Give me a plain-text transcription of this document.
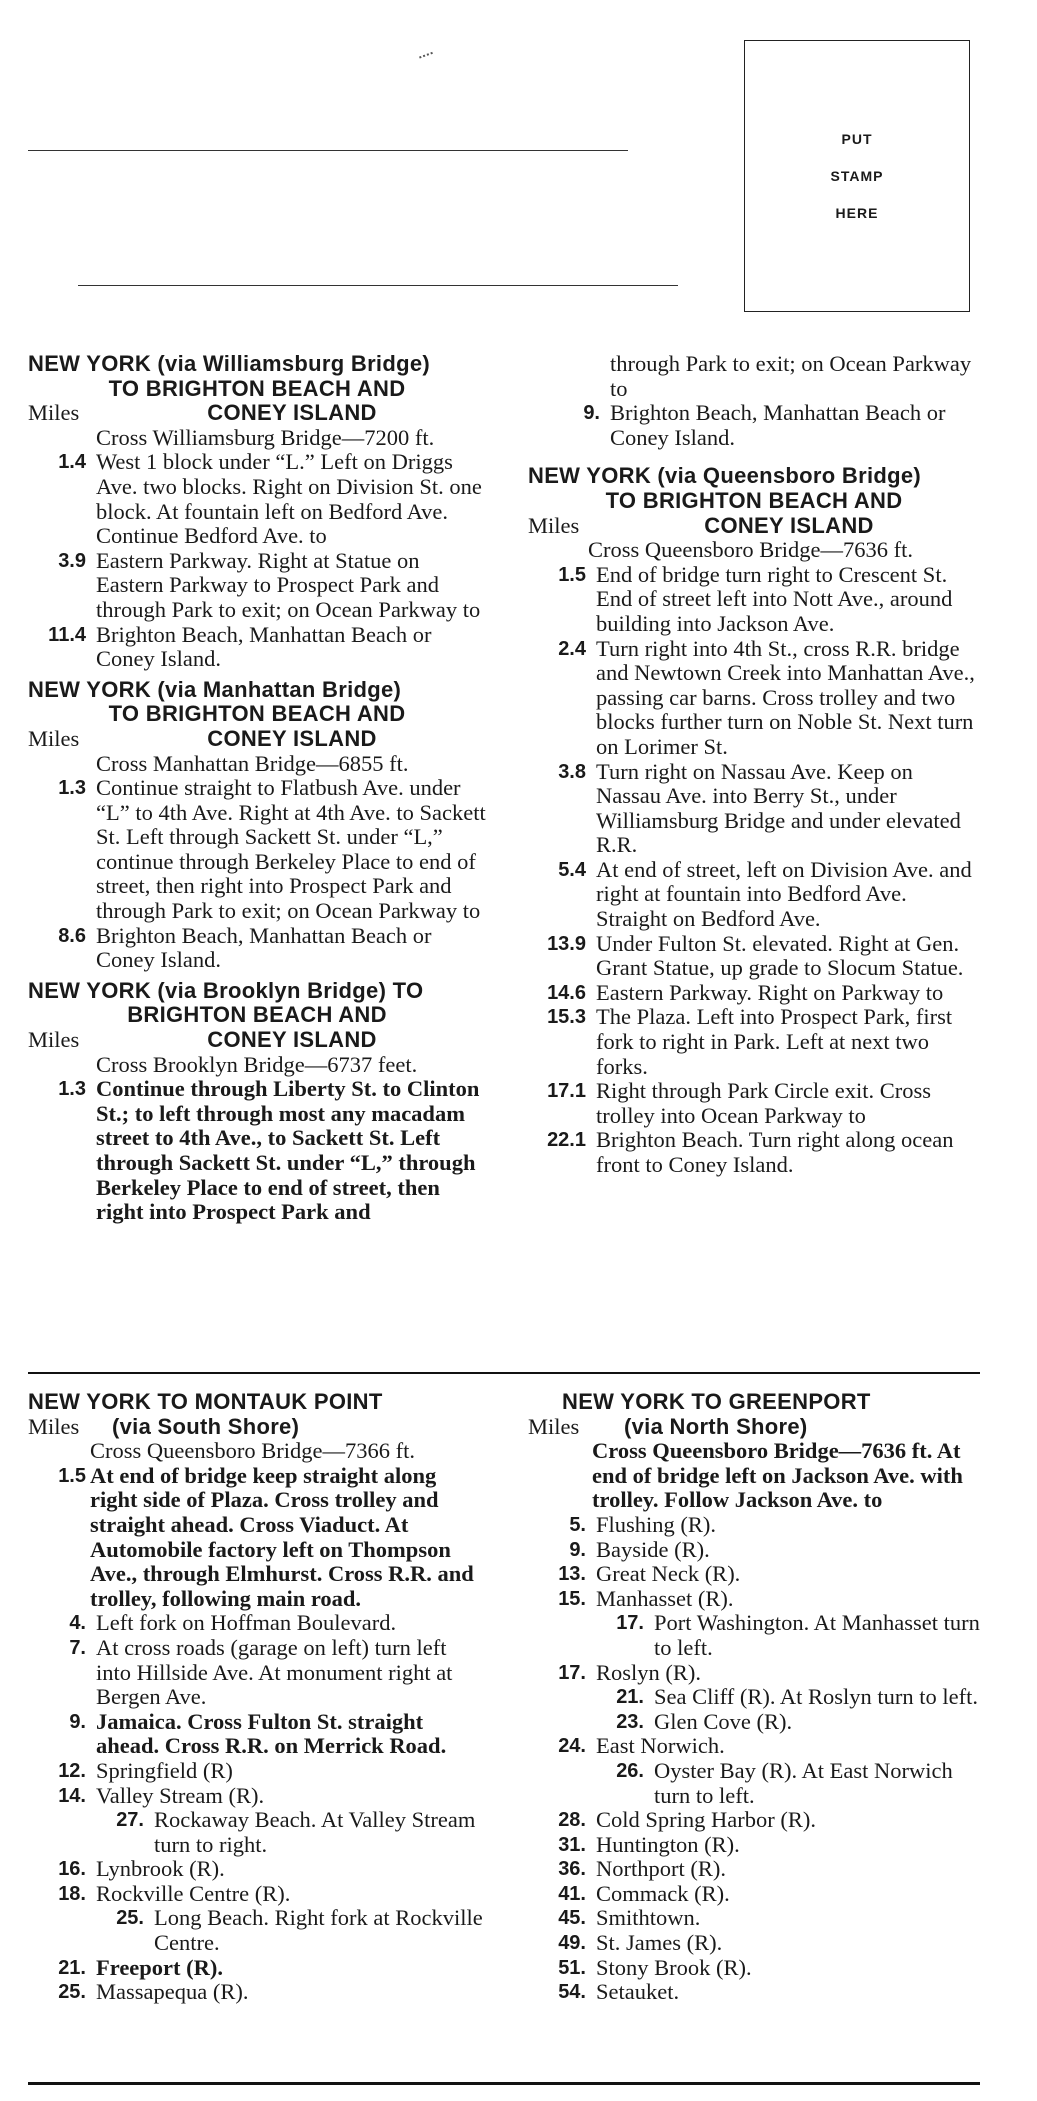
PUT
STAMP
HERE
NEW YORK (via Williamsburg Bridge)
TO BRIGHTON BEACH AND
Miles	CONEY ISLAND
Cross Williamsburg Bridge—7200 ft.
1.4 West 1 block under “L.” Left on Driggs Ave. two blocks. Right on Division St. one block. At fountain left on Bedford Ave. Continue Bedford Ave. to
3.9 Eastern Parkway. Right at Statue on Eastern Parkway to Prospect Park and through Park to exit; on Ocean Parkway to
11.4 Brighton Beach, Manhattan Beach or Coney Island.
NEW YORK (via Manhattan Bridge)
TO BRIGHTON BEACH AND
Miles	CONEY ISLAND
Cross Manhattan Bridge—6855 ft.
1.3 Continue straight to Flatbush Ave. under “L” to 4th Ave. Right at 4th Ave. to Sackett St. Left through Sackett St. under “L,” continue through Berkeley Place to end of street, then right into Prospect Park and through Park to exit; on Ocean Parkway to
8.6 Brighton Beach, Manhattan Beach or Coney Island.
NEW YORK (via Brooklyn Bridge) TO
BRIGHTON BEACH AND
Miles	CONEY ISLAND
Cross Brooklyn Bridge—6737 feet.
1.3 Continue through Liberty St. to Clinton St.; to left through most any macadam street to 4th Ave., to Sackett St. Left through Sackett St. under “L,” through Berkeley Place to end of street, then right into Prospect Park and
through Park to exit; on Ocean Parkway to
9. Brighton Beach, Manhattan Beach or Coney Island.
NEW YORK (via Queensboro Bridge)
TO BRIGHTON BEACH AND
Miles	CONEY ISLAND
Cross Queensboro Bridge—7636 ft.
1.5 End of bridge turn right to Crescent St. End of street left into Nott Ave., around building into Jackson Ave.
2.4 Turn right into 4th St., cross R.R. bridge and Newtown Creek into Manhattan Ave., passing car barns. Cross trolley and two blocks further turn on Noble St. Next turn on Lorimer St.
3.8 Turn right on Nassau Ave. Keep on Nassau Ave. into Berry St., under Williamsburg Bridge and under elevated R.R.
5.4 At end of street, left on Division Ave. and right at fountain into Bedford Ave. Straight on Bedford Ave.
13.9 Under Fulton St. elevated. Right at Gen. Grant Statue, up grade to Slocum Statue.
14.6 Eastern Parkway. Right on Parkway to
15.3 The Plaza. Left into Prospect Park, first fork to right in Park. Left at next two forks.
17.1 Right through Park Circle exit. Cross trolley into Ocean Parkway to
22.1 Brighton Beach. Turn right along ocean front to Coney Island.
NEW YORK TO MONTAUK POINT
Miles	(via South Shore)
Cross Queensboro Bridge—7366 ft.
1.5 At end of bridge keep straight along right side of Plaza. Cross trolley and straight ahead. Cross Viaduct. At Automobile factory left on Thompson Ave., through Elmhurst. Cross R.R. and trolley, following main road.
4. Left fork on Hoffman Boulevard.
7. At cross roads (garage on left) turn left into Hillside Ave. At monument right at Bergen Ave.
9. Jamaica. Cross Fulton St. straight ahead. Cross R.R. on Merrick Road.
12. Springfield (R)
14. Valley Stream (R).
27. Rockaway Beach. At Valley Stream turn to right.
16. Lynbrook (R).
18. Rockville Centre (R).
25. Long Beach. Right fork at Rockville Centre.
21. Freeport (R).
25. Massapequa (R).
NEW YORK TO GREENPORT
Miles	(via North Shore)
Cross Queensboro Bridge—7636 ft. At end of bridge left on Jackson Ave. with trolley. Follow Jackson Ave. to
5. Flushing (R).
9. Bayside (R).
13. Great Neck (R).
15. Manhasset (R).
17. Port Washington. At Manhasset turn to left.
17. Roslyn (R).
21. Sea Cliff (R). At Roslyn turn to left.
23. Glen Cove (R).
24. East Norwich.
26. Oyster Bay (R). At East Norwich turn to left.
28. Cold Spring Harbor (R).
31. Huntington (R).
36. Northport (R).
41. Commack (R).
45. Smithtown.
49. St. James (R).
51. Stony Brook (R).
54. Setauket.
